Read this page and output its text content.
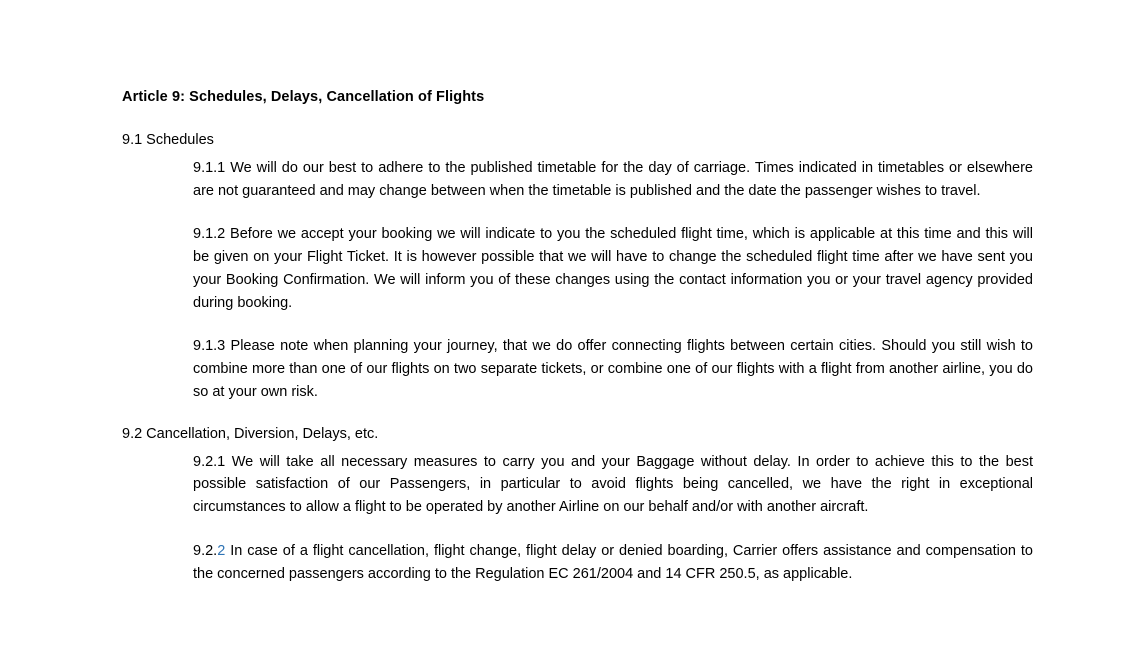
Article 9: Schedules, Delays, Cancellation of Flights

9.1 Schedules

9.1.1 We will do our best to adhere to the published timetable for the day of carriage. Times indicated in timetables or elsewhere are not guaranteed and may change between when the timetable is published and the date the passenger wishes to travel.

9.1.2 Before we accept your booking we will indicate to you the scheduled flight time, which is applicable at this time and this will be given on your Flight Ticket. It is however possible that we will have to change the scheduled flight time after we have sent you your Booking Confirmation. We will inform you of these changes using the contact information you or your travel agency provided during booking.

9.1.3 Please note when planning your journey, that we do offer connecting flights between certain cities. Should you still wish to combine more than one of our flights on two separate tickets, or combine one of our flights with a flight from another airline, you do so at your own risk.

9.2 Cancellation, Diversion, Delays, etc.

9.2.1 We will take all necessary measures to carry you and your Baggage without delay. In order to achieve this to the best possible satisfaction of our Passengers, in particular to avoid flights being cancelled, we have the right in exceptional circumstances to allow a flight to be operated by another Airline on our behalf and/or with another aircraft.

9.2.2 In case of a flight cancellation, flight change, flight delay or denied boarding, Carrier offers assistance and compensation to the concerned passengers according to the Regulation EC 261/2004 and 14 CFR 250.5, as applicable.
